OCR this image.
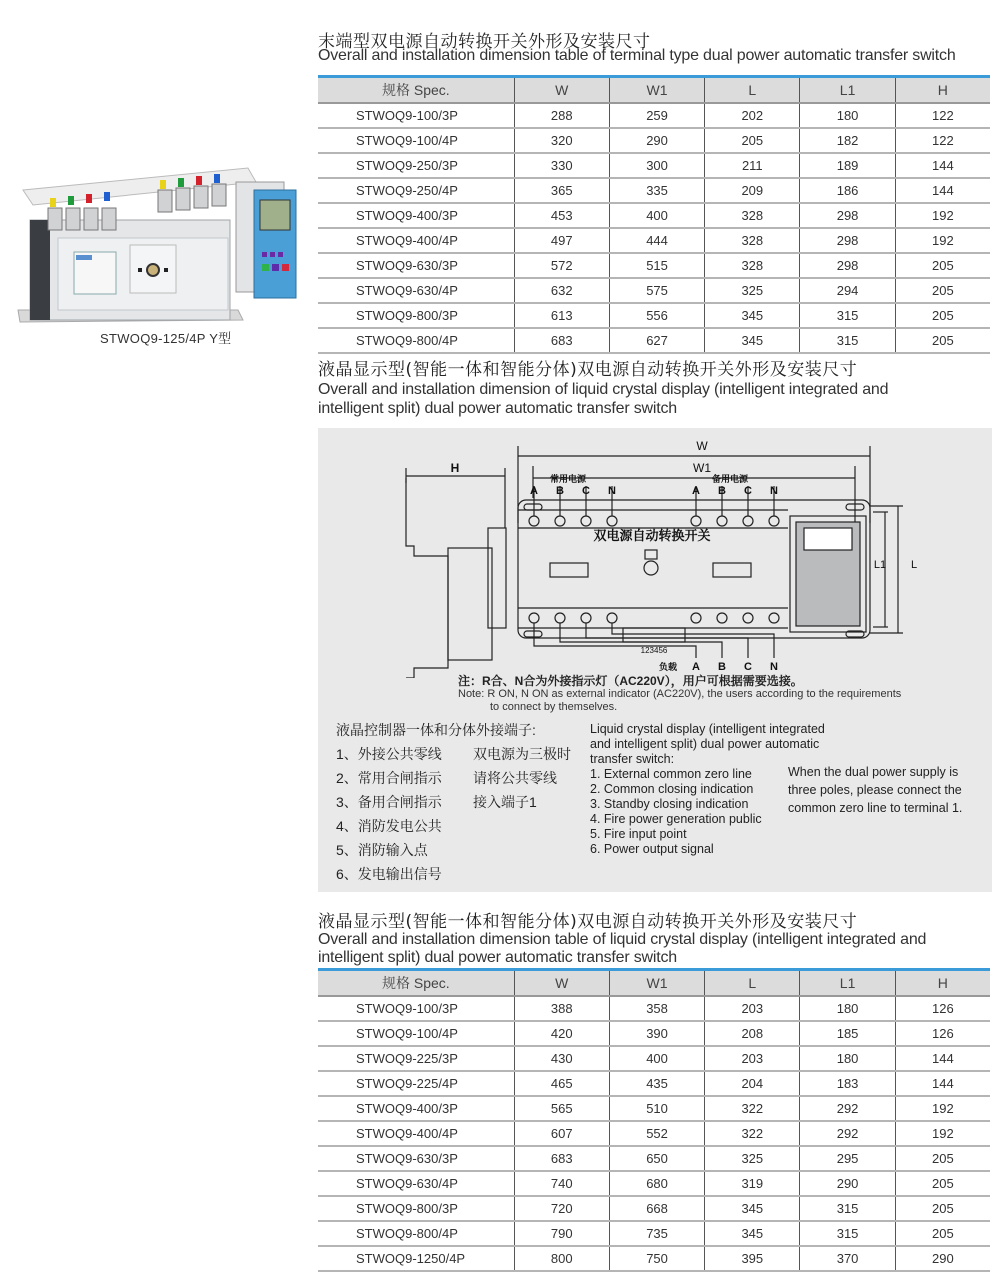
STWOQ9-125/4P Y型
末端型双电源自动转换开关外形及安装尺寸
Overall and installation dimension table of terminal type dual power automatic transfer switch
规格 Spec.	W	W1	L	L1	H
STWOQ9-100/3P	288	259	202	180	122
STWOQ9-100/4P	320	290	205	182	122
STWOQ9-250/3P	330	300	211	189	144
STWOQ9-250/4P	365	335	209	186	144
STWOQ9-400/3P	453	400	328	298	192
STWOQ9-400/4P	497	444	328	298	192
STWOQ9-630/3P	572	515	328	298	205
STWOQ9-630/4P	632	575	325	294	205
STWOQ9-800/3P	613	556	345	315	205
STWOQ9-800/4P	683	627	345	315	205
液晶显示型(智能一体和智能分体)双电源自动转换开关外形及安装尺寸
Overall and installation dimension of liquid crystal display (intelligent integrated and
intelligent split) dual power automatic transfer switch
H
W
W1
常用电源	备用电源
双电源自动转换开关
123456
负载
L
L1
A B C N	A B C N
A B C N
注：R合、N合为外接指示灯（AC220V），用户可根据需要选接。
Note: R ON, N ON as external indicator (AC220V), the users according to the requirements
to connect by themselves.
液晶控制器一体和分体外接端子:
1、外接公共零线
2、常用合闸指示
3、备用合闸指示
4、消防发电公共
5、消防输入点
6、发电输出信号
双电源为三极时
请将公共零线
接入端子1
Liquid crystal display (intelligent integrated
and intelligent split) dual power automatic
transfer switch:
1. External common zero line
2. Common closing indication
3. Standby closing indication
4. Fire power generation public
5. Fire input point
6. Power output signal
When the dual power supply is
three poles, please connect the
common zero line to terminal 1.
液晶显示型(智能一体和智能分体)双电源自动转换开关外形及安装尺寸
Overall and installation dimension table of liquid crystal display (intelligent integrated and
intelligent split) dual power automatic transfer switch
规格 Spec.	W	W1	L	L1	H
STWOQ9-100/3P	388	358	203	180	126
STWOQ9-100/4P	420	390	208	185	126
STWOQ9-225/3P	430	400	203	180	144
STWOQ9-225/4P	465	435	204	183	144
STWOQ9-400/3P	565	510	322	292	192
STWOQ9-400/4P	607	552	322	292	192
STWOQ9-630/3P	683	650	325	295	205
STWOQ9-630/4P	740	680	319	290	205
STWOQ9-800/3P	720	668	345	315	205
STWOQ9-800/4P	790	735	345	315	205
STWOQ9-1250/4P	800	750	395	370	290
